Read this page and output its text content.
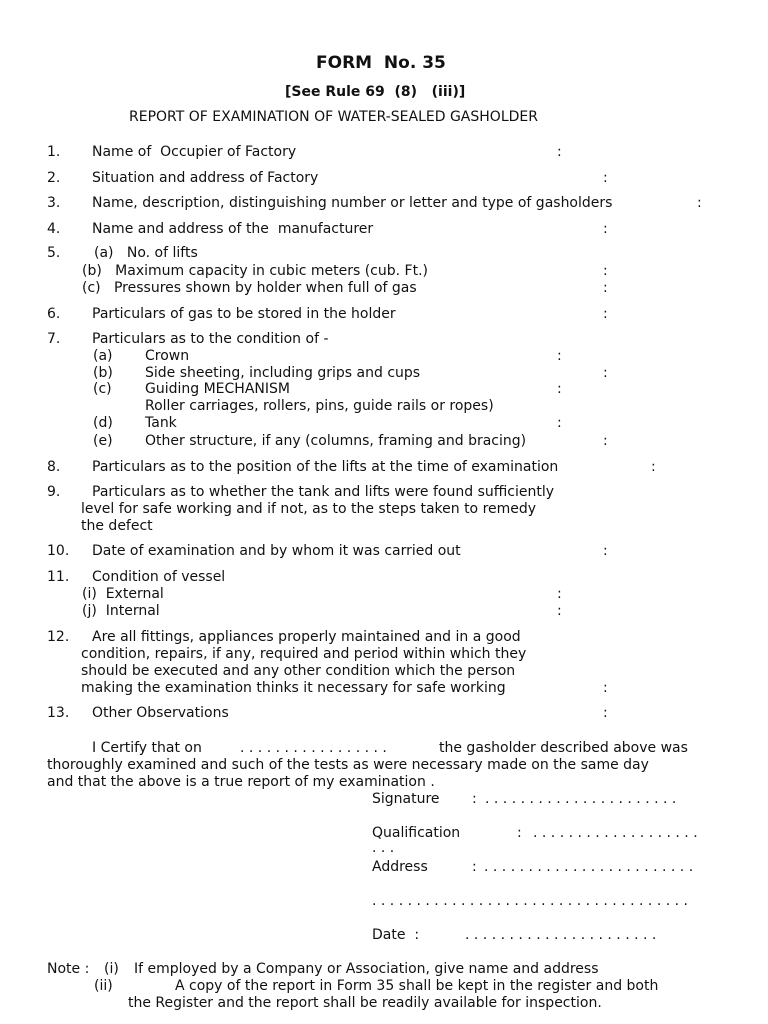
FORM  No. 35
[See Rule 69  (8)   (iii)]
REPORT OF EXAMINATION OF WATER-SEALED GASHOLDER
1. Name of  Occupier of Factory	:
2. Situation and address of Factory	:
3. Name, description, distinguishing number or letter and type of gasholders	:
4. Name and address of the  manufacturer	:
5. (a)   No. of lifts
(b)   Maximum capacity in cubic meters (cub. Ft.)	:
(c)   Pressures shown by holder when full of gas	:
6. Particulars of gas to be stored in the holder	:
7. Particulars as to the condition of -
(a) Crown	:
(b) Side sheeting, including grips and cups	:
(c) Guiding MECHANISM	:
Roller carriages, rollers, pins, guide rails or ropes)
(d) Tank	:
(e) Other structure, if any (columns, framing and bracing)	:
8. Particulars as to the position of the lifts at the time of examination	:
9. Particulars as to whether the tank and lifts were found sufficiently
level for safe working and if not, as to the steps taken to remedy
the defect
10. Date of examination and by whom it was carried out	:
11. Condition of vessel
(i)  External	:
(j)  Internal	:
12. Are all fittings, appliances properly maintained and in a good
condition, repairs, if any, required and period within which they
should be executed and any other condition which the person
making the examination thinks it necessary for safe working	:
13. Other Observations	:
I Certify that on	. . . . . . . . . . . . . . . . .	the gasholder described above was
thoroughly examined and such of the tests as were necessary made on the same day
and that the above is a true report of my examination .
Signature : . . . . . . . . . . . . . . . . . . . . . .
Qualification	: . . . . . . . . . . . . . . . . . . .
. . .
Address	: . . . . . . . . . . . . . . . . . . . . . . . .
. . . . . . . . . . . . . . . . . . . . . . . . . . . . . . . . . . . .
Date  :	. . . . . . . . . . . . . . . . . . . . . .
Note : (i) If employed by a Company or Association, give name and address
(ii)	A copy of the report in Form 35 shall be kept in the register and both
the Register and the report shall be readily available for inspection.
